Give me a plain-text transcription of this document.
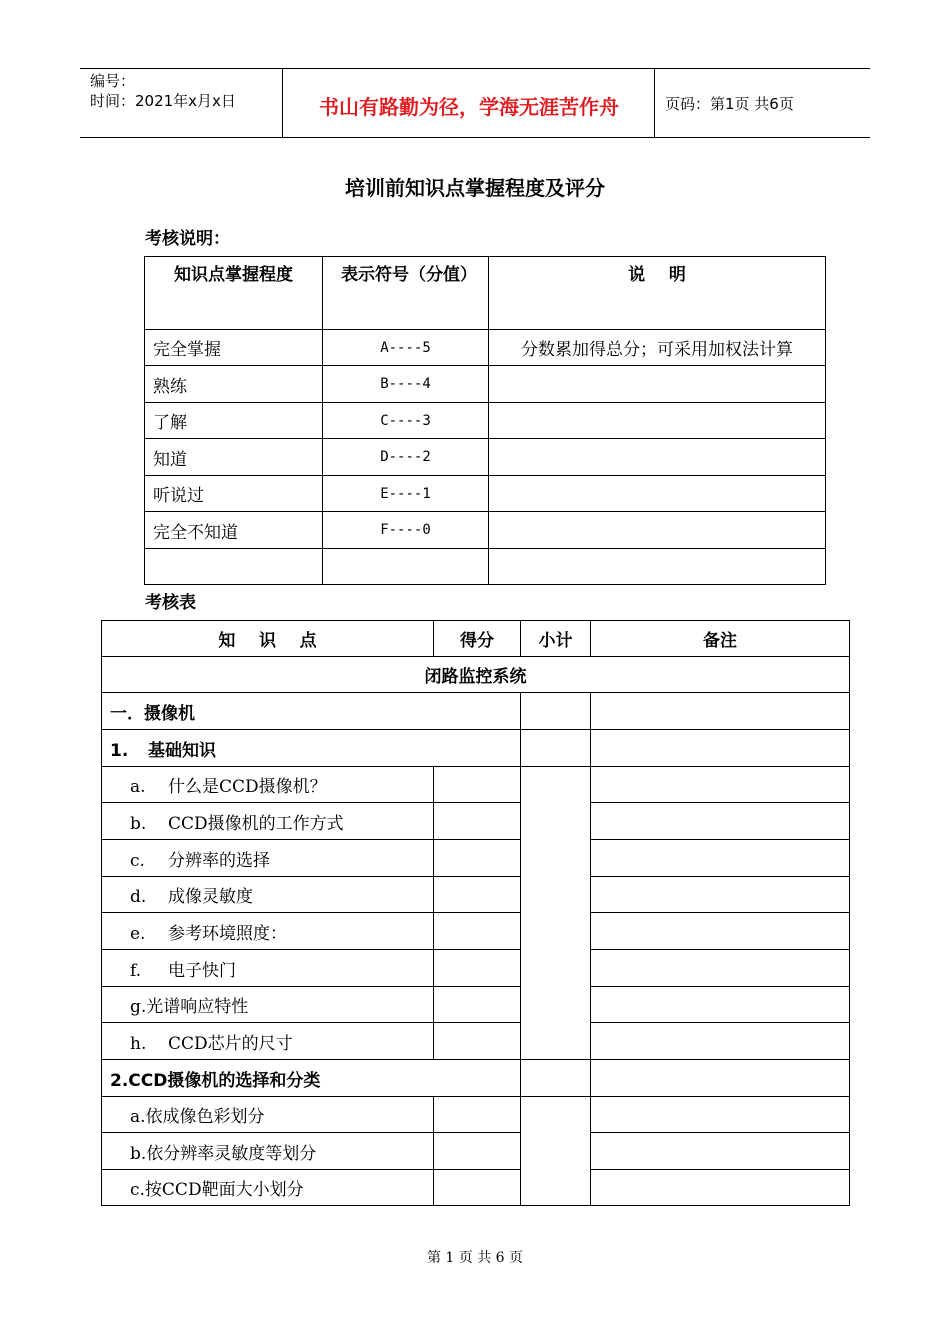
编号：
时间：2021年x月x日	书山有路勤为径，学海无涯苦作舟	页码：第1页 共6页
培训前知识点掌握程度及评分
考核说明：
知识点掌握程度	表示符号（分值）	说    明
完全掌握	A----5	分数累加得总分；可采用加权法计算
熟练	B----4	
了解	C----3	
知道	D----2	
听说过	E----1	
完全不知道	F----0	

考核表
知    识    点	得分	小计	备注
闭路监控系统			
一．摄像机			
1. 基础知识			
a. 什么是CCD摄像机？			
b. CCD摄像机的工作方式			
c. 分辨率的选择			
d. 成像灵敏度			
e. 参考环境照度：			
f. 电子快门			
g.光谱响应特性			
h. CCD芯片的尺寸			
2.CCD摄像机的选择和分类			
a.依成像色彩划分			
b.依分辨率灵敏度等划分			
c.按CCD靶面大小划分			
第 1 页 共 6 页
